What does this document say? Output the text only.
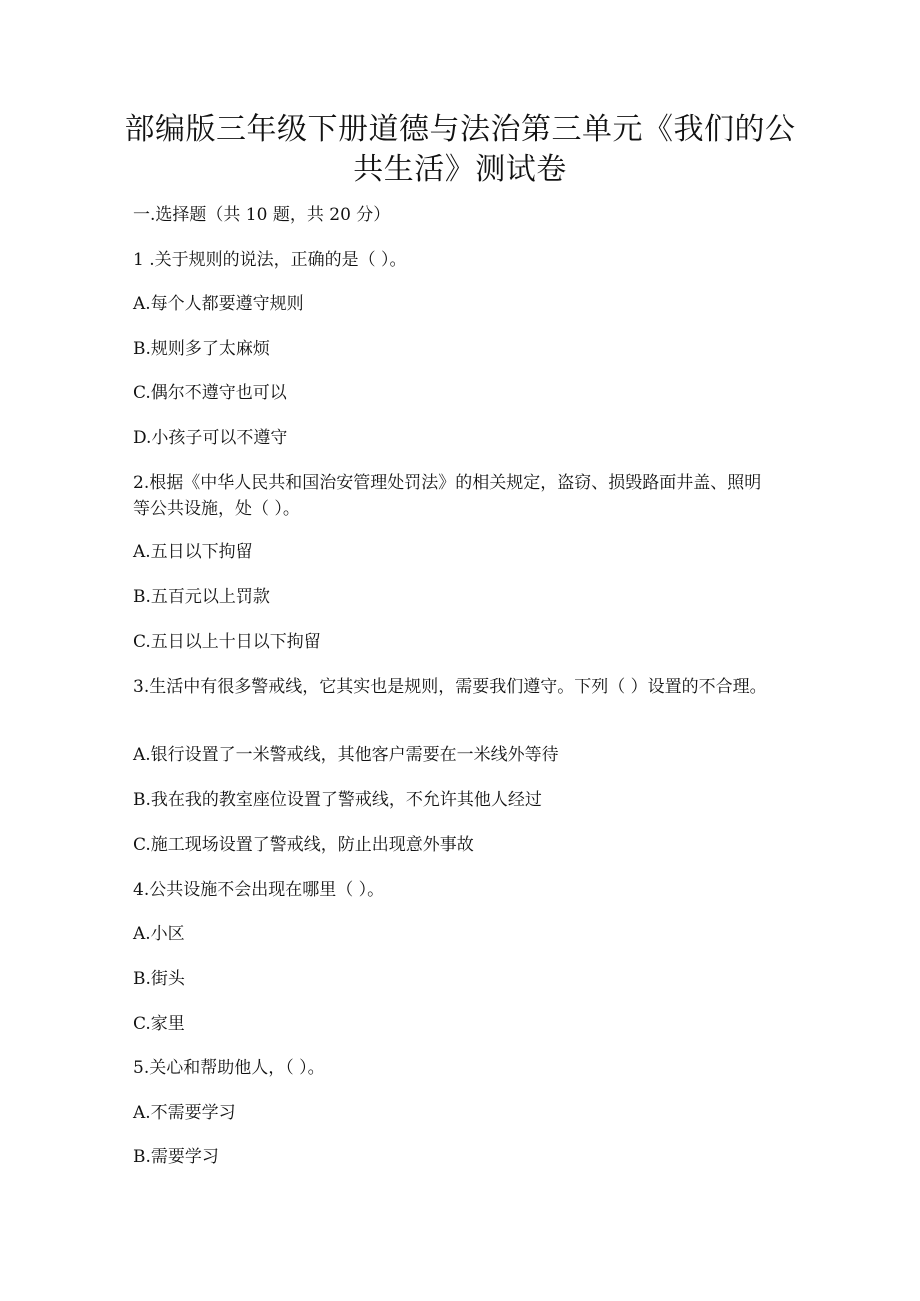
部编版三年级下册道德与法治第三单元《我们的公共生活》测试卷
一.选择题（共 10 题，共 20 分）
1 .关于规则的说法，正确的是（ ）。
A.每个人都要遵守规则
B.规则多了太麻烦
C.偶尔不遵守也可以
D.小孩子可以不遵守
2.根据《中华人民共和国治安管理处罚法》的相关规定，盗窃、损毁路面井盖、照明等公共设施，处（ ）。
A.五日以下拘留
B.五百元以上罚款
C.五日以上十日以下拘留
3.生活中有很多警戒线，它其实也是规则，需要我们遵守。下列（ ）设置的不合理。
A.银行设置了一米警戒线，其他客户需要在一米线外等待
B.我在我的教室座位设置了警戒线，不允许其他人经过
C.施工现场设置了警戒线，防止出现意外事故
4.公共设施不会出现在哪里（ ）。
A.小区
B.街头
C.家里
5.关心和帮助他人，（ ）。
A.不需要学习
B.需要学习
